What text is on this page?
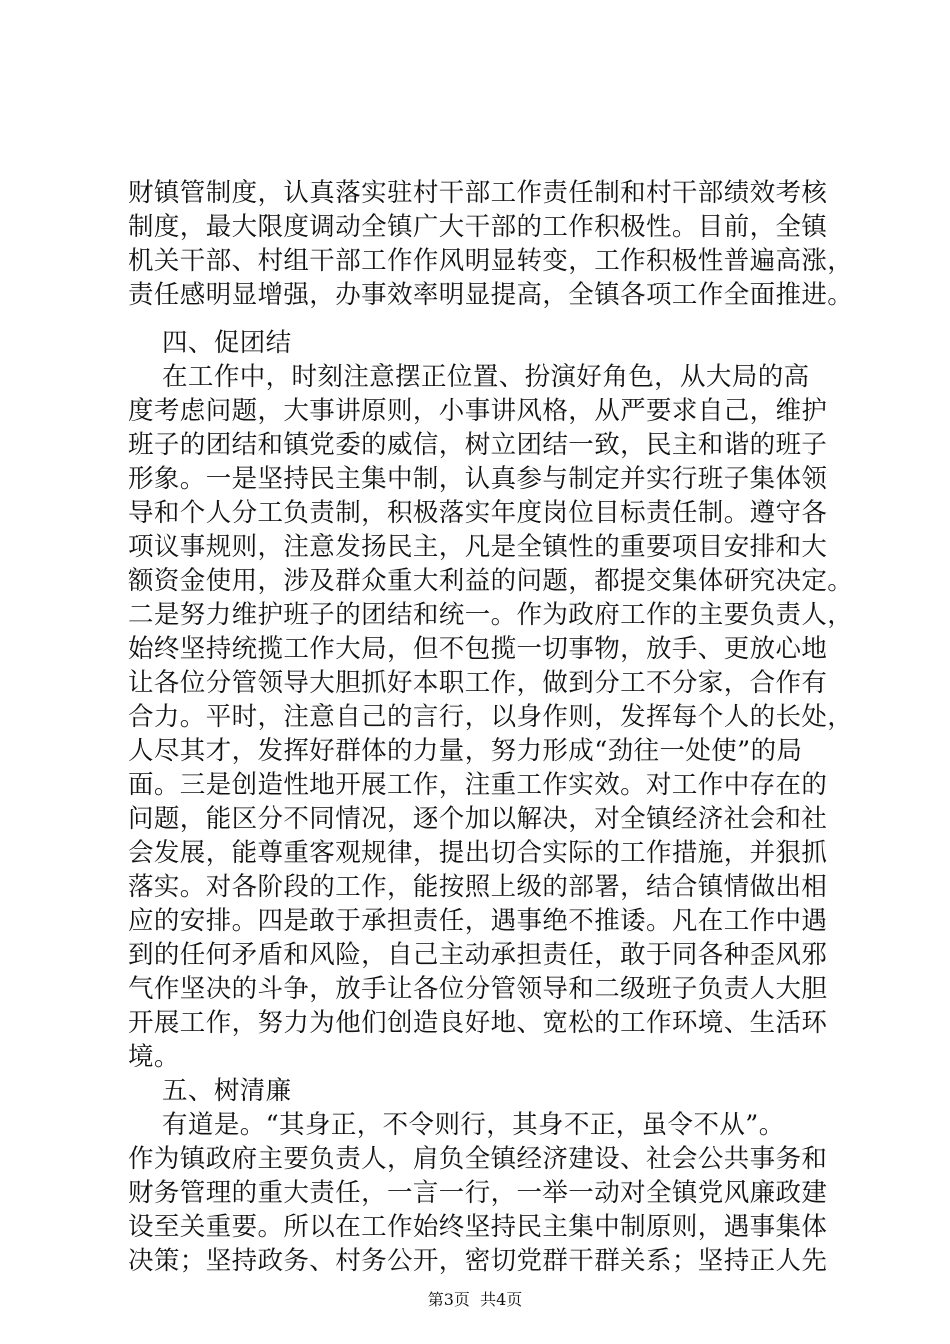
财镇管制度，认真落实驻村干部工作责任制和村干部绩效考核
制度，最大限度调动全镇广大干部的工作积极性。目前，全镇
机关干部、村组干部工作作风明显转变，工作积极性普遍高涨，
责任感明显增强，办事效率明显提高，全镇各项工作全面推进。
四、促团结
在工作中，时刻注意摆正位置、扮演好角色，从大局的高
度考虑问题，大事讲原则，小事讲风格，从严要求自己，维护
班子的团结和镇党委的威信，树立团结一致，民主和谐的班子
形象。一是坚持民主集中制，认真参与制定并实行班子集体领
导和个人分工负责制，积极落实年度岗位目标责任制。遵守各
项议事规则，注意发扬民主，凡是全镇性的重要项目安排和大
额资金使用，涉及群众重大利益的问题，都提交集体研究决定。
二是努力维护班子的团结和统一。作为政府工作的主要负责人，
始终坚持统揽工作大局，但不包揽一切事物，放手、更放心地
让各位分管领导大胆抓好本职工作，做到分工不分家，合作有
合力。平时，注意自己的言行，以身作则，发挥每个人的长处，
人尽其才，发挥好群体的力量，努力形成“劲往一处使”的局
面。三是创造性地开展工作，注重工作实效。对工作中存在的
问题，能区分不同情况，逐个加以解决，对全镇经济社会和社
会发展，能尊重客观规律，提出切合实际的工作措施，并狠抓
落实。对各阶段的工作，能按照上级的部署，结合镇情做出相
应的安排。四是敢于承担责任，遇事绝不推诿。凡在工作中遇
到的任何矛盾和风险，自己主动承担责任，敢于同各种歪风邪
气作坚决的斗争，放手让各位分管领导和二级班子负责人大胆
开展工作，努力为他们创造良好地、宽松的工作环境、生活环
境。
五、树清廉
有道是。“其身正，不令则行，其身不正，虽令不从”。
作为镇政府主要负责人，肩负全镇经济建设、社会公共事务和
财务管理的重大责任，一言一行，一举一动对全镇党风廉政建
设至关重要。所以在工作始终坚持民主集中制原则，遇事集体
决策；坚持政务、村务公开，密切党群干群关系；坚持正人先
第3页  共4页
